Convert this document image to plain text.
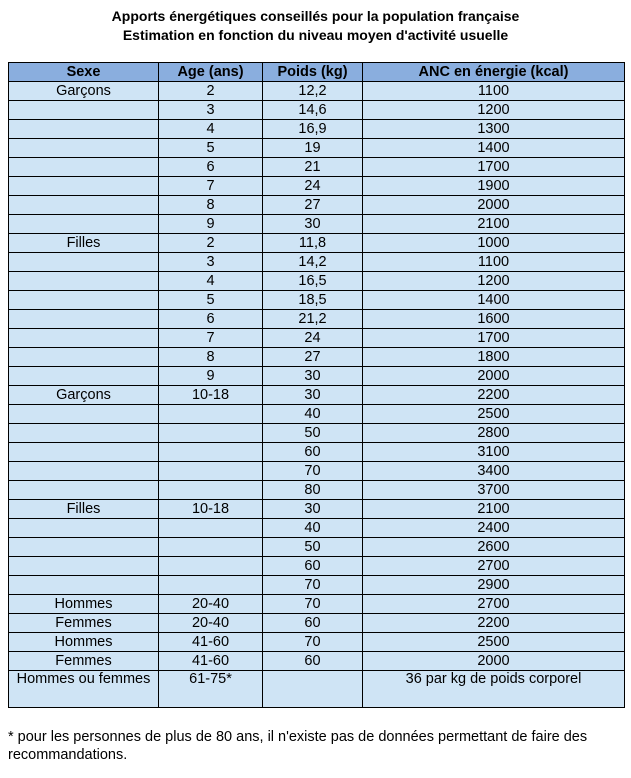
Apports énergétiques conseillés pour la population française
Estimation en fonction du niveau moyen d'activité usuelle
Sexe	Age (ans)	Poids (kg)	ANC en énergie (kcal)
Garçons	2	12,2	1100
	3	14,6	1200
	4	16,9	1300
	5	19	1400
	6	21	1700
	7	24	1900
	8	27	2000
	9	30	2100
Filles	2	11,8	1000
	3	14,2	1100
	4	16,5	1200
	5	18,5	1400
	6	21,2	1600
	7	24	1700
	8	27	1800
	9	30	2000
Garçons	10-18	30	2200
		40	2500
		50	2800
		60	3100
		70	3400
		80	3700
Filles	10-18	30	2100
		40	2400
		50	2600
		60	2700
		70	2900
Hommes	20-40	70	2700
Femmes	20-40	60	2200
Hommes	41-60	70	2500
Femmes	41-60	60	2000
Hommes ou femmes	61-75*		36 par kg de poids corporel
* pour les personnes de plus de 80 ans, il n'existe pas de données permettant de faire des recommandations.
